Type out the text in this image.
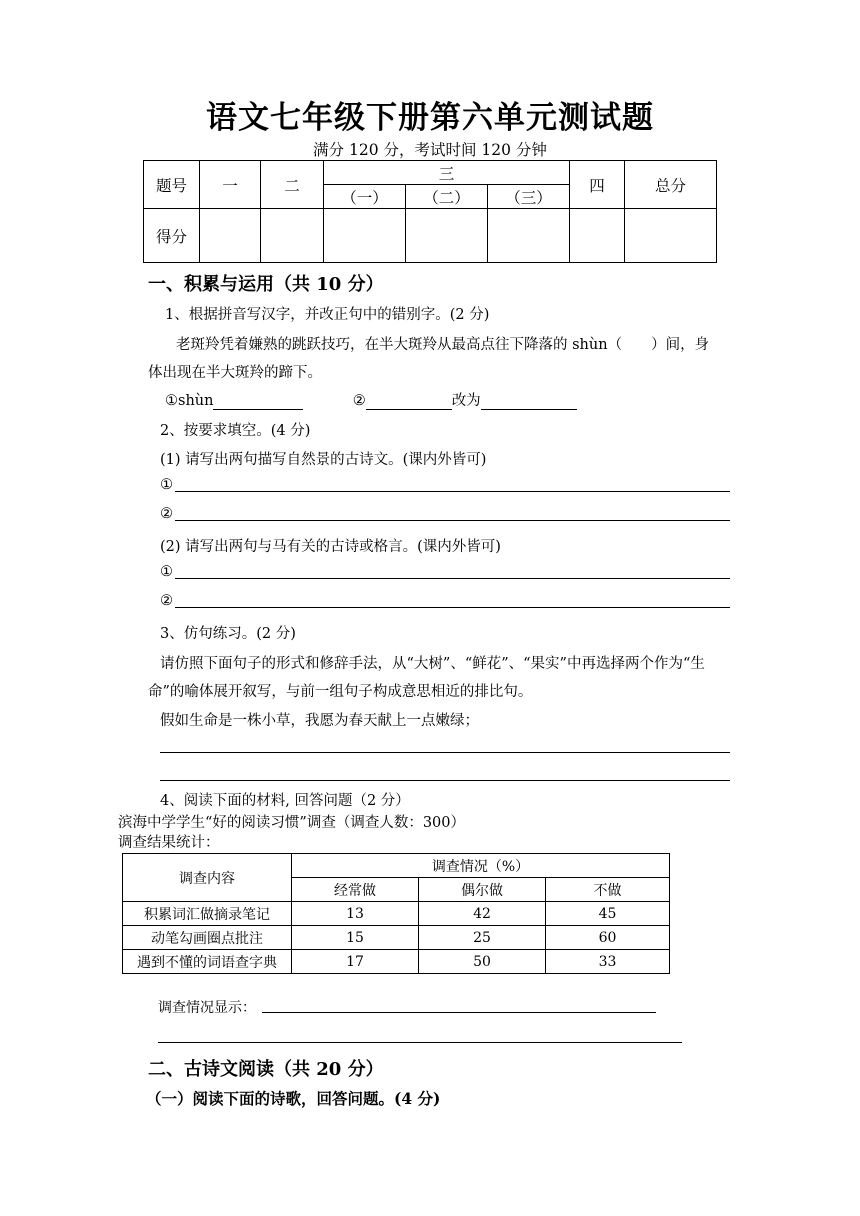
语文七年级下册第六单元测试题
满分 120 分，考试时间 120 分钟
题号	一	二	三			四	总分
			（一）	（二）	（三）		
得分							
一、积累与运用（共 10 分）
1、根据拼音写汉字，并改正句中的错别字。(2 分)
老斑羚凭着嫌熟的跳跃技巧，在半大斑羚从最高点往下降落的 shùn（　　）间，身
体出现在半大斑羚的蹄下。
①shùn	②	改为
2、按要求填空。(4 分)
(1) 请写出两句描写自然景的古诗文。(课内外皆可)
①
②
(2) 请写出两句与马有关的古诗或格言。(课内外皆可)
①
②
3、仿句练习。(2 分)
请仿照下面句子的形式和修辞手法，从“大树”、“鲜花”、“果实”中再选择两个作为“生
命”的喻体展开叙写，与前一组句子构成意思相近的排比句。
假如生命是一株小草，我愿为春天献上一点嫩绿；
4、阅读下面的材料, 回答问题（2 分）
滨海中学学生“好的阅读习惯”调查（调查人数：300）
调查结果统计：
调查内容	调查情况（%）		
	经常做	偶尔做	不做
积累词汇做摘录笔记	13	42	45
动笔勾画圈点批注	15	25	60
遇到不懂的词语查字典	17	50	33
调查情况显示：
二、古诗文阅读（共 20 分）
（一）阅读下面的诗歌，回答问题。(4 分)
